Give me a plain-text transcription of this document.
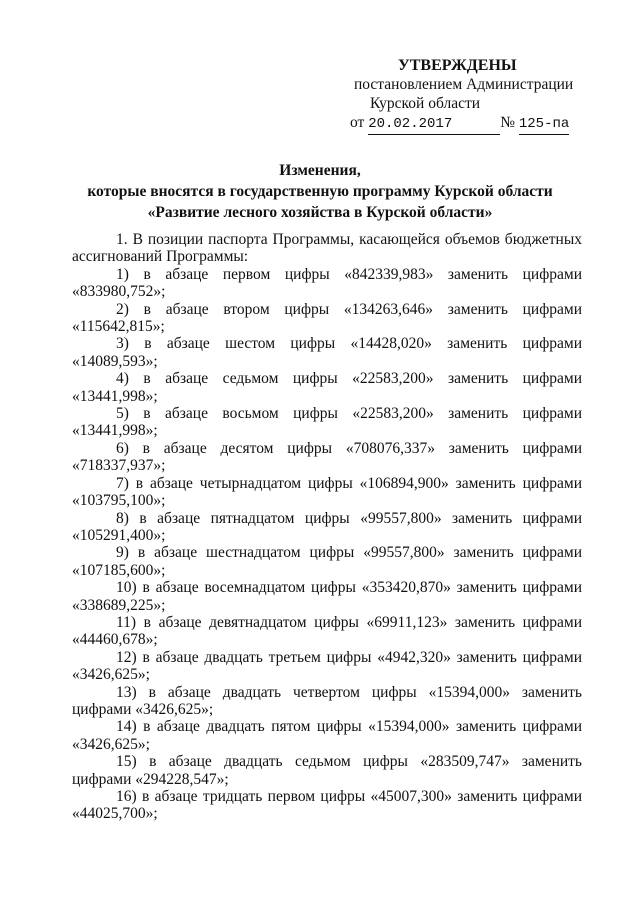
УТВЕРЖДЕНЫ
постановлением Администрации
Курской области
от 20.02.2017	№ 125-па
Изменения,
которые вносятся в государственную программу Курской области
«Развитие лесного хозяйства в Курской области»

1. В позиции паспорта Программы, касающейся объемов бюджетных ассигнований Программы:

1) в абзаце первом цифры «842339,983» заменить цифрами «833980,752»;

2) в абзаце втором цифры «134263,646» заменить цифрами «115642,815»;

3) в абзаце шестом цифры «14428,020» заменить цифрами «14089,593»;

4) в абзаце седьмом цифры «22583,200» заменить цифрами «13441,998»;

5) в абзаце восьмом цифры «22583,200» заменить цифрами «13441,998»;

6) в абзаце десятом цифры «708076,337» заменить цифрами «718337,937»;

7) в абзаце четырнадцатом цифры «106894,900» заменить цифрами «103795,100»;

8) в абзаце пятнадцатом цифры «99557,800» заменить цифрами «105291,400»;

9) в абзаце шестнадцатом цифры «99557,800» заменить цифрами «107185,600»;

10) в абзаце восемнадцатом цифры «353420,870» заменить цифрами «338689,225»;

11) в абзаце девятнадцатом цифры «69911,123» заменить цифрами «44460,678»;

12) в абзаце двадцать третьем цифры «4942,320» заменить цифрами «3426,625»;

13) в абзаце двадцать четвертом цифры «15394,000» заменить цифрами «3426,625»;

14) в абзаце двадцать пятом цифры «15394,000» заменить цифрами «3426,625»;

15) в абзаце двадцать седьмом цифры «283509,747» заменить цифрами «294228,547»;

16) в абзаце тридцать первом цифры «45007,300» заменить цифрами «44025,700»;
